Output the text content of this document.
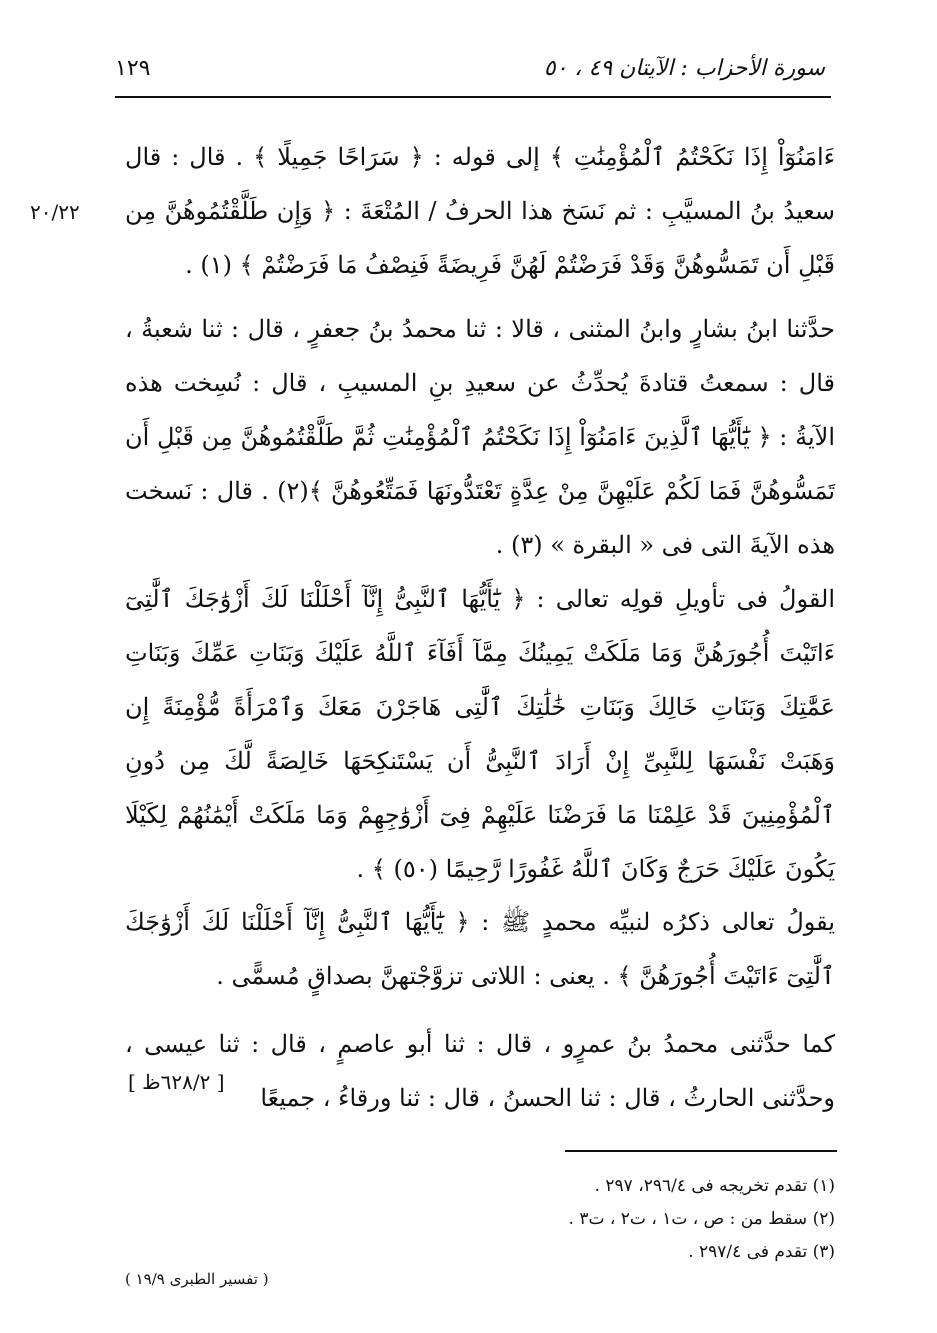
سورة الأحزاب : الآيتان ٤٩ ، ٥٠
١٢٩
٢٠/٢٢

ءَامَنُوٓاْ إِذَا نَكَحْتُمُ ٱلْمُؤْمِنَٰتِ ﴾ إلى قوله : ﴿ سَرَاحًا جَمِيلًا ﴾ . قال : قال سعيدُ بنُ المسيَّبِ : ثم نَسَخ هذا الحرفُ / المُتْعَةَ : ﴿ وَإِن طَلَّقْتُمُوهُنَّ مِن قَبْلِ أَن تَمَسُّوهُنَّ وَقَدْ فَرَضْتُمْ لَهُنَّ فَرِيضَةً فَنِصْفُ مَا فَرَضْتُمْ ﴾ (١) .

حدَّثنا ابنُ بشارٍ وابنُ المثنى ، قالا : ثنا محمدُ بنُ جعفرٍ ، قال : ثنا شعبةُ ، قال : سمعتُ قتادةَ يُحدِّثُ عن سعيدِ بنِ المسيبِ ، قال : نُسِخت هذه الآيةُ : ﴿ يَٰٓأَيُّهَا ٱلَّذِينَ ءَامَنُوٓاْ إِذَا نَكَحْتُمُ ٱلْمُؤْمِنَٰتِ ثُمَّ طَلَّقْتُمُوهُنَّ مِن قَبْلِ أَن تَمَسُّوهُنَّ فَمَا لَكُمْ عَلَيْهِنَّ مِنْ عِدَّةٍ تَعْتَدُّونَهَا فَمَتِّعُوهُنَّ ﴾(٢) . قال : نَسخت هذه الآيةَ التى فى « البقرة » (٣) .

القولُ فى تأويلِ قولِه تعالى : ﴿ يَٰٓأَيُّهَا ٱلنَّبِىُّ إِنَّآ أَحْلَلْنَا لَكَ أَزْوَٰجَكَ ٱلَّٰتِىٓ ءَاتَيْتَ أُجُورَهُنَّ وَمَا مَلَكَتْ يَمِينُكَ مِمَّآ أَفَآءَ ٱللَّهُ عَلَيْكَ وَبَنَاتِ عَمِّكَ وَبَنَاتِ عَمَّٰتِكَ وَبَنَاتِ خَالِكَ وَبَنَاتِ خَٰلَٰتِكَ ٱلَّٰتِى هَاجَرْنَ مَعَكَ وَٱمْرَأَةً مُّؤْمِنَةً إِن وَهَبَتْ نَفْسَهَا لِلنَّبِىِّ إِنْ أَرَادَ ٱلنَّبِىُّ أَن يَسْتَنكِحَهَا خَالِصَةً لَّكَ مِن دُونِ ٱلْمُؤْمِنِينَ قَدْ عَلِمْنَا مَا فَرَضْنَا عَلَيْهِمْ فِىٓ أَزْوَٰجِهِمْ وَمَا مَلَكَتْ أَيْمَٰنُهُمْ لِكَيْلَا يَكُونَ عَلَيْكَ حَرَجٌ وَكَانَ ٱللَّهُ غَفُورًا رَّحِيمًا (٥٠) ﴾ .

يقولُ تعالى ذكرُه لنبيِّه محمدٍ ﷺ : ﴿ يَٰٓأَيُّهَا ٱلنَّبِىُّ إِنَّآ أَحْلَلْنَا لَكَ أَزْوَٰجَكَ ٱلَّٰتِىٓ ءَاتَيْتَ أُجُورَهُنَّ ﴾ . يعنى : اللاتى تزوَّجْتهنَّ بصداقٍ مُسمًّى .

كما حدَّثنى محمدُ بنُ عمرٍو ، قال : ثنا أبو عاصمٍ ، قال : ثنا عيسى ، وحدَّثنى الحارثُ ، قال : ثنا الحسنُ ، قال : ثنا ورقاءُ ، جميعًا

[ ٦٢٨/٢ظ ]
(١) تقدم تخريجه فى ٢٩٦/٤، ٢٩٧ .
(٢) سقط من : ص ، ت١ ، ت٢ ، ت٣ .
(٣) تقدم فى ٢٩٧/٤ .
( تفسير الطبرى ١٩/٩ )
